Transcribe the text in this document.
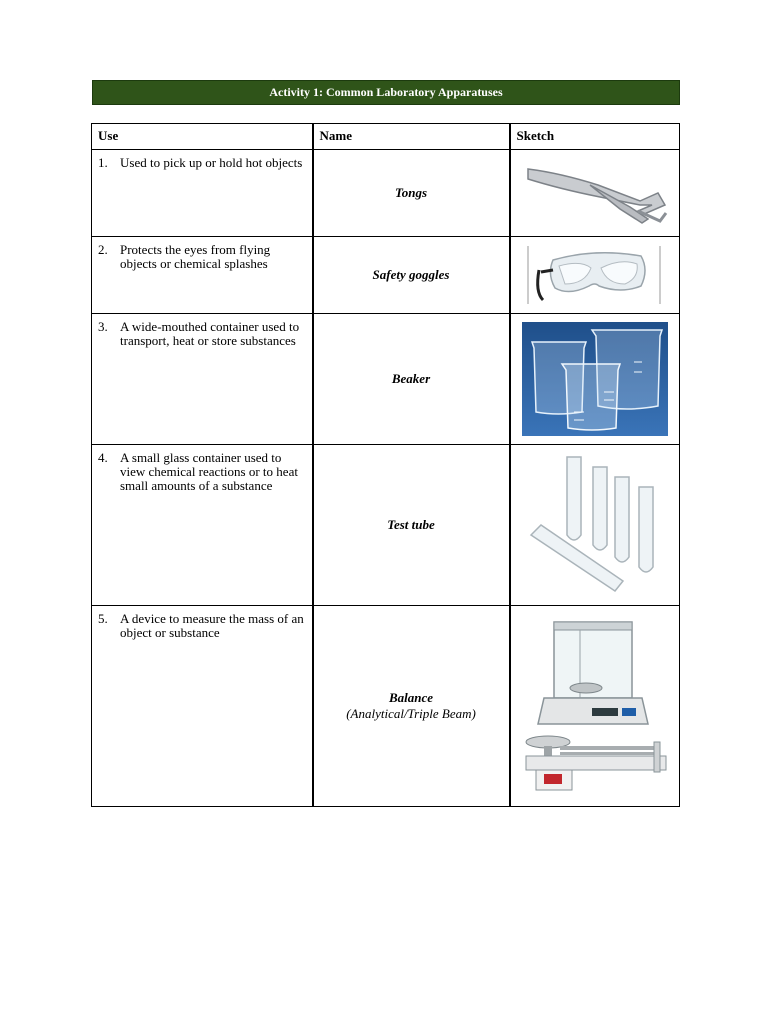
Activity 1: Common Laboratory Apparatuses
Use	Name	Sketch

1. Used to pick up or hold hot objects	Tongs

2. Protects the eyes from flying objects or chemical splashes	Safety goggles

3. A wide-mouthed container used to transport, heat or store substances	Beaker

4. A small glass container used to view chemical reactions or to heat small amounts of a substance	Test tube

5. A device to measure the mass of an object or substance	Balance
(Analytical/Triple Beam)
